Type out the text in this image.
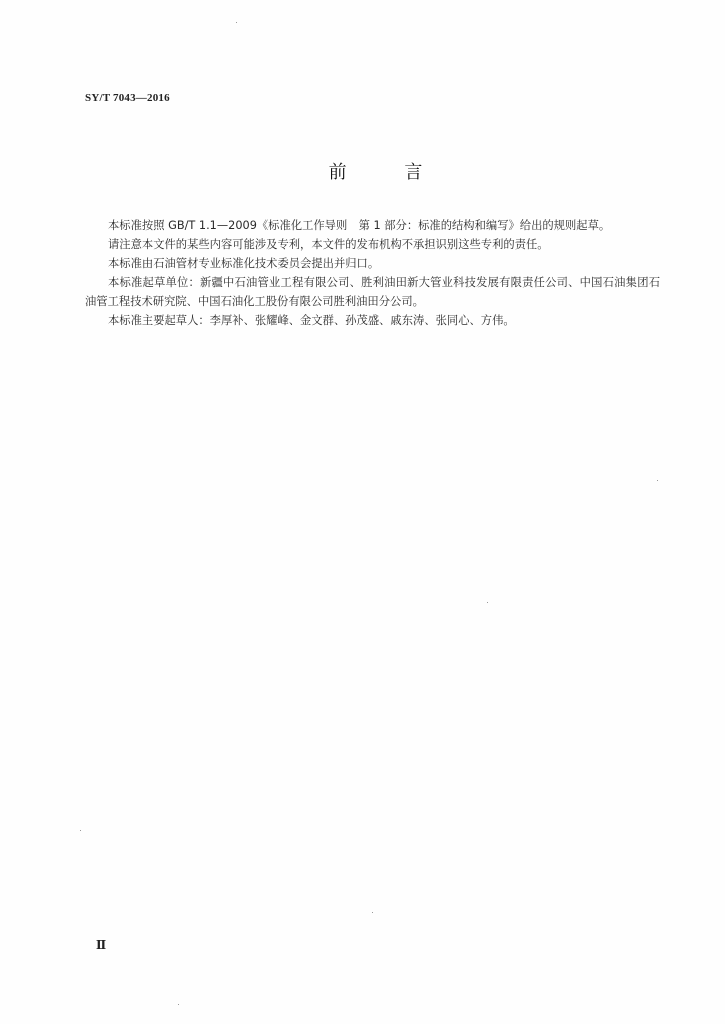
SY/T 7043—2016
前 言

本标准按照 GB/T 1.1—2009《标准化工作导则　第 1 部分：标准的结构和编写》给出的规则起草。

请注意本文件的某些内容可能涉及专利，本文件的发布机构不承担识别这些专利的责任。

本标准由石油管材专业标准化技术委员会提出并归口。

本标准起草单位：新疆中石油管业工程有限公司、胜利油田新大管业科技发展有限责任公司、中国石油集团石油管工程技术研究院、中国石油化工股份有限公司胜利油田分公司。

本标准主要起草人：李厚补、张耀峰、金文群、孙茂盛、戚东涛、张同心、方伟。

Ⅱ
